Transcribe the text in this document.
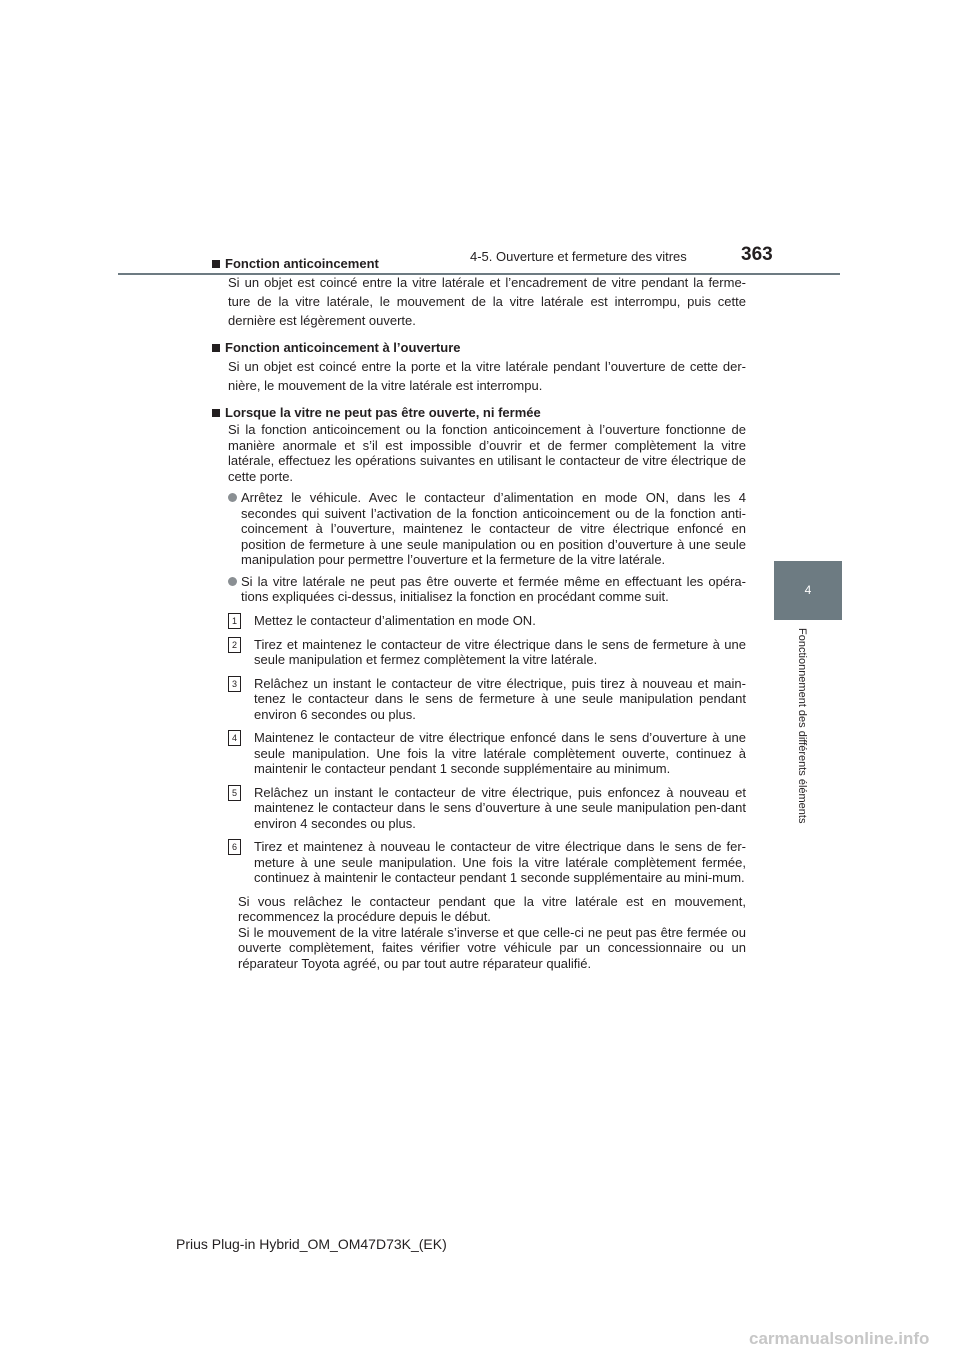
4-5. Ouverture et fermeture des vitres	363
4
Fonctionnement des différents éléments
Fonction anticoincement
Si un objet est coincé entre la vitre latérale et l’encadrement de vitre pendant la ferme-ture de la vitre latérale, le mouvement de la vitre latérale est interrompu, puis cette dernière est légèrement ouverte.
Fonction anticoincement à l’ouverture
Si un objet est coincé entre la porte et la vitre latérale pendant l’ouverture de cette der-nière, le mouvement de la vitre latérale est interrompu.
Lorsque la vitre ne peut pas être ouverte, ni fermée
Si la fonction anticoincement ou la fonction anticoincement à l’ouverture fonctionne de manière anormale et s’il est impossible d’ouvrir et de fermer complètement la vitre latérale, effectuez les opérations suivantes en utilisant le contacteur de vitre électrique de cette porte.
Arrêtez le véhicule. Avec le contacteur d’alimentation en mode ON, dans les 4 secondes qui suivent l’activation de la fonction anticoincement ou de la fonction anti-coincement à l’ouverture, maintenez le contacteur de vitre électrique enfoncé en position de fermeture à une seule manipulation ou en position d’ouverture à une seule manipulation pour permettre l’ouverture et la fermeture de la vitre latérale.
Si la vitre latérale ne peut pas être ouverte et fermée même en effectuant les opéra-tions expliquées ci-dessus, initialisez la fonction en procédant comme suit.
1	Mettez le contacteur d’alimentation en mode ON.
2	Tirez et maintenez le contacteur de vitre électrique dans le sens de fermeture à une seule manipulation et fermez complètement la vitre latérale.
3	Relâchez un instant le contacteur de vitre électrique, puis tirez à nouveau et main-tenez le contacteur dans le sens de fermeture à une seule manipulation pendant environ 6 secondes ou plus.
4	Maintenez le contacteur de vitre électrique enfoncé dans le sens d’ouverture à une seule manipulation. Une fois la vitre latérale complètement ouverte, continuez à maintenir le contacteur pendant 1 seconde supplémentaire au minimum.
5	Relâchez un instant le contacteur de vitre électrique, puis enfoncez à nouveau et maintenez le contacteur dans le sens d’ouverture à une seule manipulation pen-dant environ 4 secondes ou plus.
6	Tirez et maintenez à nouveau le contacteur de vitre électrique dans le sens de fer-meture à une seule manipulation. Une fois la vitre latérale complètement fermée, continuez à maintenir le contacteur pendant 1 seconde supplémentaire au mini-mum.
Si vous relâchez le contacteur pendant que la vitre latérale est en mouvement, recommencez la procédure depuis le début.
Si le mouvement de la vitre latérale s’inverse et que celle-ci ne peut pas être fermée ou ouverte complètement, faites vérifier votre véhicule par un concessionnaire ou un réparateur Toyota agréé, ou par tout autre réparateur qualifié.
Prius Plug-in Hybrid_OM_OM47D73K_(EK)
carmanualsonline.info
